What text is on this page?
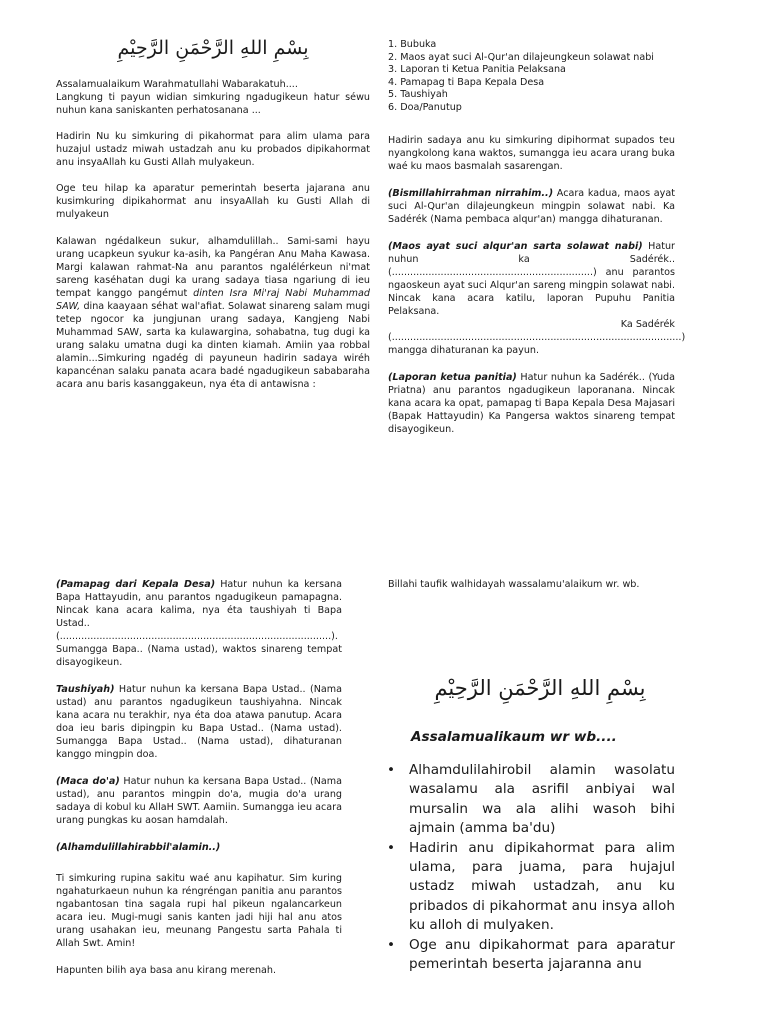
بِسْمِ اللهِ الرَّحْمَنِ الرَّحِيْمِ

Assalamualaikum Warahmatullahi Wabarakatuh....

Langkung ti payun widian simkuring ngadugikeun hatur séwu nuhun kana saniskanten perhatosanana ...

Hadirin Nu ku simkuring di pikahormat para alim ulama para huzajul ustadz miwah ustadzah anu ku probados dipikahormat anu insyaAllah ku Gusti Allah mulyakeun.

Oge teu hilap ka aparatur pemerintah beserta jajarana anu kusimkuring dipikahormat anu insyaAllah ku Gusti Allah di mulyakeun

Kalawan ngédalkeun sukur, alhamdulillah.. Sami-sami hayu urang ucapkeun syukur ka-asih, ka Pangéran Anu Maha Kawasa. Margi kalawan rahmat-Na anu parantos ngalélérkeun ni'mat sareng kaséhatan dugi ka urang sadaya tiasa ngariung di ieu tempat kanggo pangémut dinten Isra Mi'raj Nabi Muhammad SAW, dina kaayaan séhat wal'afiat. Solawat sinareng salam mugi tetep ngocor ka jungjunan urang sadaya, Kangjeng Nabi Muhammad SAW, sarta ka kulawargina, sohabatna, tug dugi ka urang salaku umatna dugi ka dinten kiamah. Amiin yaa robbal alamin...Simkuring ngadég di payuneun hadirin sadaya wiréh kapancénan salaku panata acara badé ngadugikeun sababaraha acara anu baris kasanggakeun, nya éta di antawisna :

1. Bubuka
2. Maos ayat suci Al-Qur'an dilajeungkeun solawat nabi
3. Laporan ti Ketua Panitia Pelaksana
4. Pamapag ti Bapa Kepala Desa
5. Taushiyah
6. Doa/Panutup

Hadirin sadaya anu ku simkuring dipihormat supados teu nyangkolong kana waktos, sumangga ieu acara urang buka waé ku maos basmalah sasarengan.

(Bismillahirrahman nirrahim..) Acara kadua, maos ayat suci Al-Qur'an dilajeungkeun mingpin solawat nabi. Ka Sadérék (Nama pembaca alqur'an) mangga dihaturanan.

(Maos ayat suci alqur'an sarta solawat nabi) Hatur nuhun ka Sadérék.. (..................................................................) anu parantos ngaoskeun ayat suci Alqur'an sareng mingpin solawat nabi. Nincak kana acara katilu, laporan Pupuhu Panitia Pelaksana.

Ka Sadérék

(...............................................................................................) mangga dihaturanan ka payun.

(Laporan ketua panitia) Hatur nuhun ka Sadérék.. (Yuda Priatna) anu parantos ngadugikeun laporanana. Nincak kana acara ka opat, pamapag ti Bapa Kepala Desa Majasari (Bapak Hattayudin) Ka Pangersa waktos sinareng tempat disayogikeun.

(Pamapag dari Kepala Desa) Hatur nuhun ka kersana Bapa Hattayudin, anu parantos ngadugikeun pamapagna. Nincak kana acara kalima, nya éta taushiyah ti Bapa Ustad.. (.........................................................................................). Sumangga Bapa.. (Nama ustad), waktos sinareng tempat disayogikeun.

Taushiyah) Hatur nuhun ka kersana Bapa Ustad.. (Nama ustad) anu parantos ngadugikeun taushiyahna. Nincak kana acara nu terakhir, nya éta doa atawa panutup. Acara doa ieu baris dipingpin ku Bapa Ustad.. (Nama ustad). Sumangga Bapa Ustad.. (Nama ustad), dihaturanan kanggo mingpin doa.

(Maca do'a) Hatur nuhun ka kersana Bapa Ustad.. (Nama ustad), anu parantos mingpin do'a, mugia do'a urang sadaya di kobul ku AllaH SWT. Aamiin. Sumangga ieu acara urang pungkas ku aosan hamdalah.

(Alhamdulillahirabbil'alamin..)

Ti simkuring rupina sakitu waé anu kapihatur. Sim kuring ngahaturkaeun nuhun ka réngréngan panitia anu parantos ngabantosan tina sagala rupi hal pikeun ngalancarkeun acara ieu. Mugi-mugi sanis kanten jadi hiji hal anu atos urang usahakan ieu, meunang Pangestu sarta Pahala ti Allah Swt. Amin!

Hapunten bilih aya basa anu kirang merenah.

Billahi taufik walhidayah wassalamu'alaikum wr. wb.

بِسْمِ اللهِ الرَّحْمَنِ الرَّحِيْمِ

Assalamualikaum wr wb....

• Alhamdulilahirobil alamin wasolatu wasalamu ala asrifil anbiyai wal mursalin wa ala alihi wasoh bihi ajmain (amma ba'du)
• Hadirin anu dipikahormat para alim ulama, para juama, para hujajul ustadz miwah ustadzah, anu ku pribados di pikahormat anu insya alloh ku alloh di mulyaken.
• Oge anu dipikahormat para aparatur pemerintah beserta jajaranna anu
